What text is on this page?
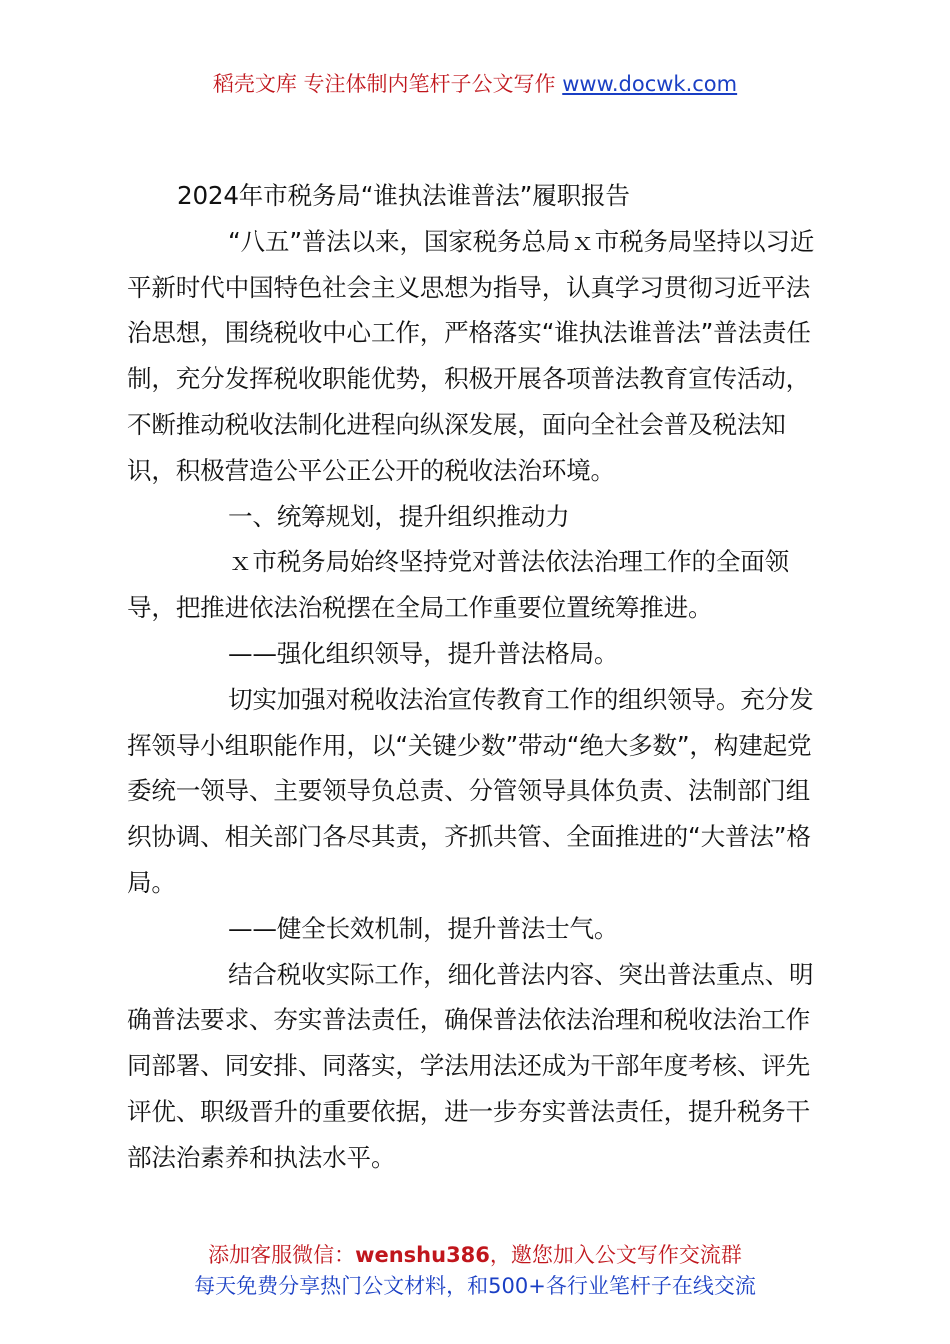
稻壳文库 专注体制内笔杆子公文写作 www.docwk.com

2024年市税务局“谁执法谁普法”履职报告

“八五”普法以来，国家税务总局ｘ市税务局坚持以习近平新时代中国特色社会主义思想为指导，认真学习贯彻习近平法治思想，围绕税收中心工作，严格落实“谁执法谁普法”普法责任制，充分发挥税收职能优势，积极开展各项普法教育宣传活动，不断推动税收法制化进程向纵深发展，面向全社会普及税法知识，积极营造公平公正公开的税收法治环境。

一、统筹规划，提升组织推动力

ｘ市税务局始终坚持党对普法依法治理工作的全面领导，把推进依法治税摆在全局工作重要位置统筹推进。

——强化组织领导，提升普法格局。

切实加强对税收法治宣传教育工作的组织领导。充分发挥领导小组职能作用，以“关键少数”带动“绝大多数”，构建起党委统一领导、主要领导负总责、分管领导具体负责、法制部门组织协调、相关部门各尽其责，齐抓共管、全面推进的“大普法”格局。

——健全长效机制，提升普法士气。

结合税收实际工作，细化普法内容、突出普法重点、明确普法要求、夯实普法责任，确保普法依法治理和税收法治工作同部署、同安排、同落实，学法用法还成为干部年度考核、评先评优、职级晋升的重要依据，进一步夯实普法责任，提升税务干部法治素养和执法水平。

添加客服微信：wenshu386，邀您加入公文写作交流群
每天免费分享热门公文材料，和500+各行业笔杆子在线交流
